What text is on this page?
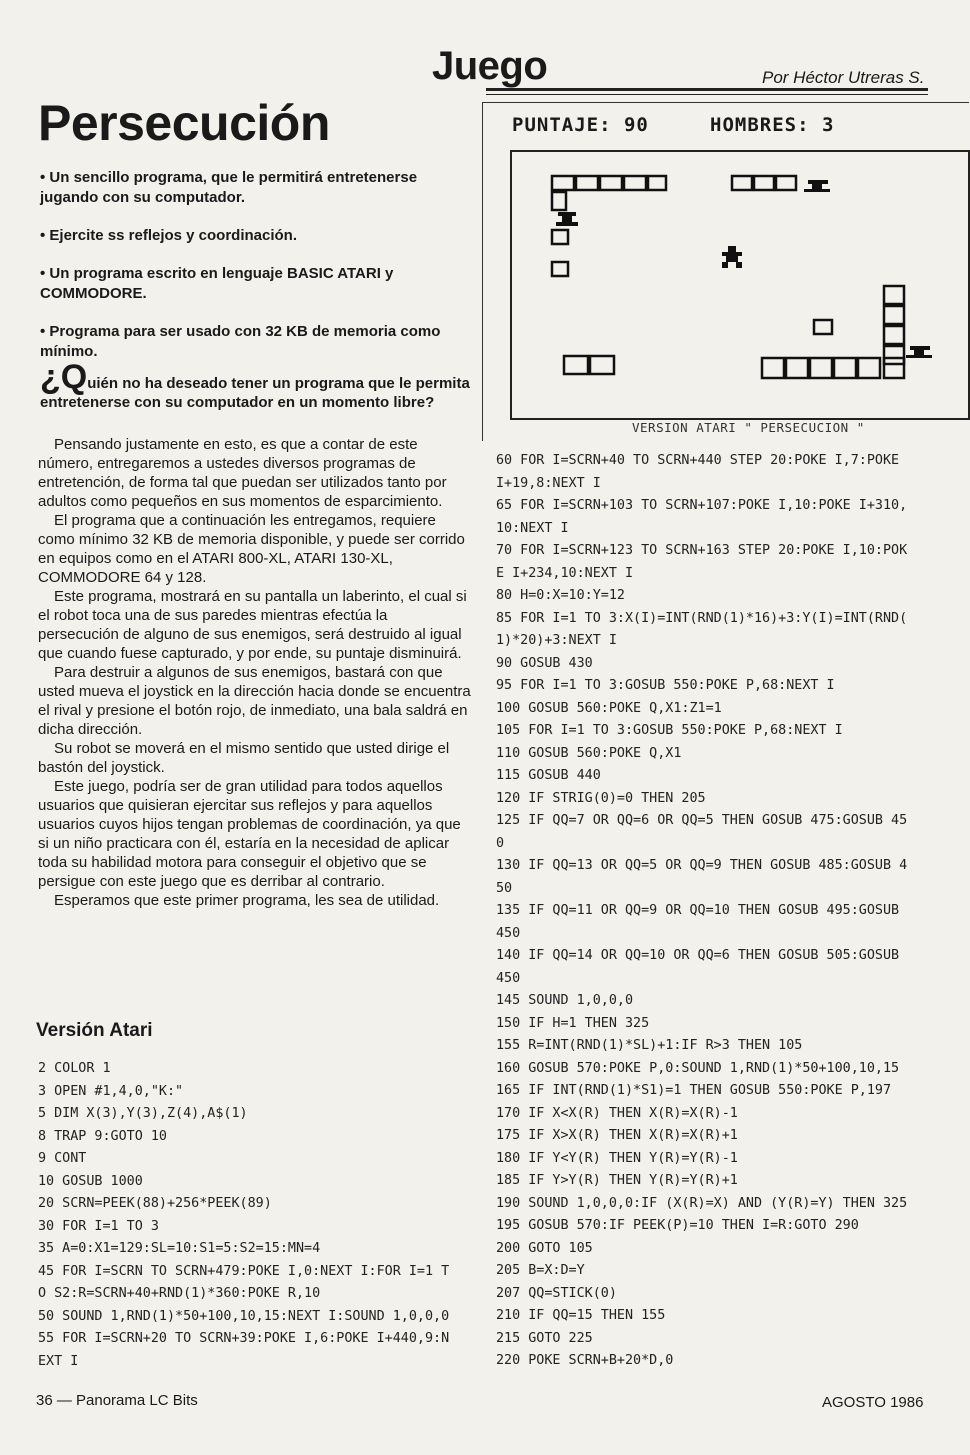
Juego	Por Héctor Utreras S.
Persecución
• Un sencillo programa, que le permitirá entretenerse jugando con su computador.
• Ejercite ss reflejos y coordinación.
• Un programa escrito en lenguaje BASIC ATARI y COMMODORE.
• Programa para ser usado con 32 KB de memoria como mínimo.
¿Quién no ha deseado tener un programa que le permita entretenerse con su computador en un momento libre?

Pensando justamente en esto, es que a contar de este número, entregaremos a ustedes diversos programas de entretención, de forma tal que puedan ser utilizados tanto por adultos como pequeños en sus momentos de esparcimiento.

El programa que a continuación les entregamos, requiere como mínimo 32 KB de memoria disponible, y puede ser corrido en equipos como en el ATARI 800-XL, ATARI 130-XL, COMMODORE 64 y 128.

Este programa, mostrará en su pantalla un laberinto, el cual si el robot toca una de sus paredes mientras efectúa la persecución de alguno de sus enemigos, será destruido al igual que cuando fuese capturado, y por ende, su puntaje disminuirá.

Para destruir a algunos de sus enemigos, bastará con que usted mueva el joystick en la dirección hacia donde se encuentra el rival y presione el botón rojo, de inmediato, una bala saldrá en dicha dirección.

Su robot se moverá en el mismo sentido que usted dirige el bastón del joystick.

Este juego, podría ser de gran utilidad para todos aquellos usuarios que quisieran ejercitar sus reflejos y para aquellos usuarios cuyos hijos tengan problemas de coordinación, ya que si un niño practicara con él, estaría en la necesidad de aplicar toda su habilidad motora para conseguir el objetivo que se persigue con este juego que es derribar al contrario.

Esperamos que este primer programa, les sea de utilidad.

Versión Atari
2 COLOR 1
3 OPEN #1,4,0,"K:"
5 DIM X(3),Y(3),Z(4),A$(1)
8 TRAP 9:GOTO 10
9 CONT
10 GOSUB 1000
20 SCRN=PEEK(88)+256*PEEK(89)
30 FOR I=1 TO 3
35 A=0:X1=129:SL=10:S1=5:S2=15:MN=4
45 FOR I=SCRN TO SCRN+479:POKE I,0:NEXT I:FOR I=1 T
O S2:R=SCRN+40+RND(1)*360:POKE R,10
50 SOUND 1,RND(1)*50+100,10,15:NEXT I:SOUND 1,0,0,0
55 FOR I=SCRN+20 TO SCRN+39:POKE I,6:POKE I+440,9:N
EXT I
60 FOR I=SCRN+40 TO SCRN+440 STEP 20:POKE I,7:POKE
I+19,8:NEXT I
65 FOR I=SCRN+103 TO SCRN+107:POKE I,10:POKE I+310,
10:NEXT I
70 FOR I=SCRN+123 TO SCRN+163 STEP 20:POKE I,10:POK
E I+234,10:NEXT I
80 H=0:X=10:Y=12
85 FOR I=1 TO 3:X(I)=INT(RND(1)*16)+3:Y(I)=INT(RND(
1)*20)+3:NEXT I
90 GOSUB 430
95 FOR I=1 TO 3:GOSUB 550:POKE P,68:NEXT I
100 GOSUB 560:POKE Q,X1:Z1=1
105 FOR I=1 TO 3:GOSUB 550:POKE P,68:NEXT I
110 GOSUB 560:POKE Q,X1
115 GOSUB 440
120 IF STRIG(0)=0 THEN 205
125 IF QQ=7 OR QQ=6 OR QQ=5 THEN GOSUB 475:GOSUB 45
0
130 IF QQ=13 OR QQ=5 OR QQ=9 THEN GOSUB 485:GOSUB 4
50
135 IF QQ=11 OR QQ=9 OR QQ=10 THEN GOSUB 495:GOSUB
450
140 IF QQ=14 OR QQ=10 OR QQ=6 THEN GOSUB 505:GOSUB
450
145 SOUND 1,0,0,0
150 IF H=1 THEN 325
155 R=INT(RND(1)*SL)+1:IF R>3 THEN 105
160 GOSUB 570:POKE P,0:SOUND 1,RND(1)*50+100,10,15
165 IF INT(RND(1)*S1)=1 THEN GOSUB 550:POKE P,197
170 IF X<X(R) THEN X(R)=X(R)-1
175 IF X>X(R) THEN X(R)=X(R)+1
180 IF Y<Y(R) THEN Y(R)=Y(R)-1
185 IF Y>Y(R) THEN Y(R)=Y(R)+1
190 SOUND 1,0,0,0:IF (X(R)=X) AND (Y(R)=Y) THEN 325
195 GOSUB 570:IF PEEK(P)=10 THEN I=R:GOTO 290
200 GOTO 105
205 B=X:D=Y
207 QQ=STICK(0)
210 IF QQ=15 THEN 155
215 GOTO 225
220 POKE SCRN+B+20*D,0
PUNTAJE: 90	HOMBRES: 3
VERSION ATARI " PERSECUCION "
36 — Panorama LC Bits	AGOSTO 1986
